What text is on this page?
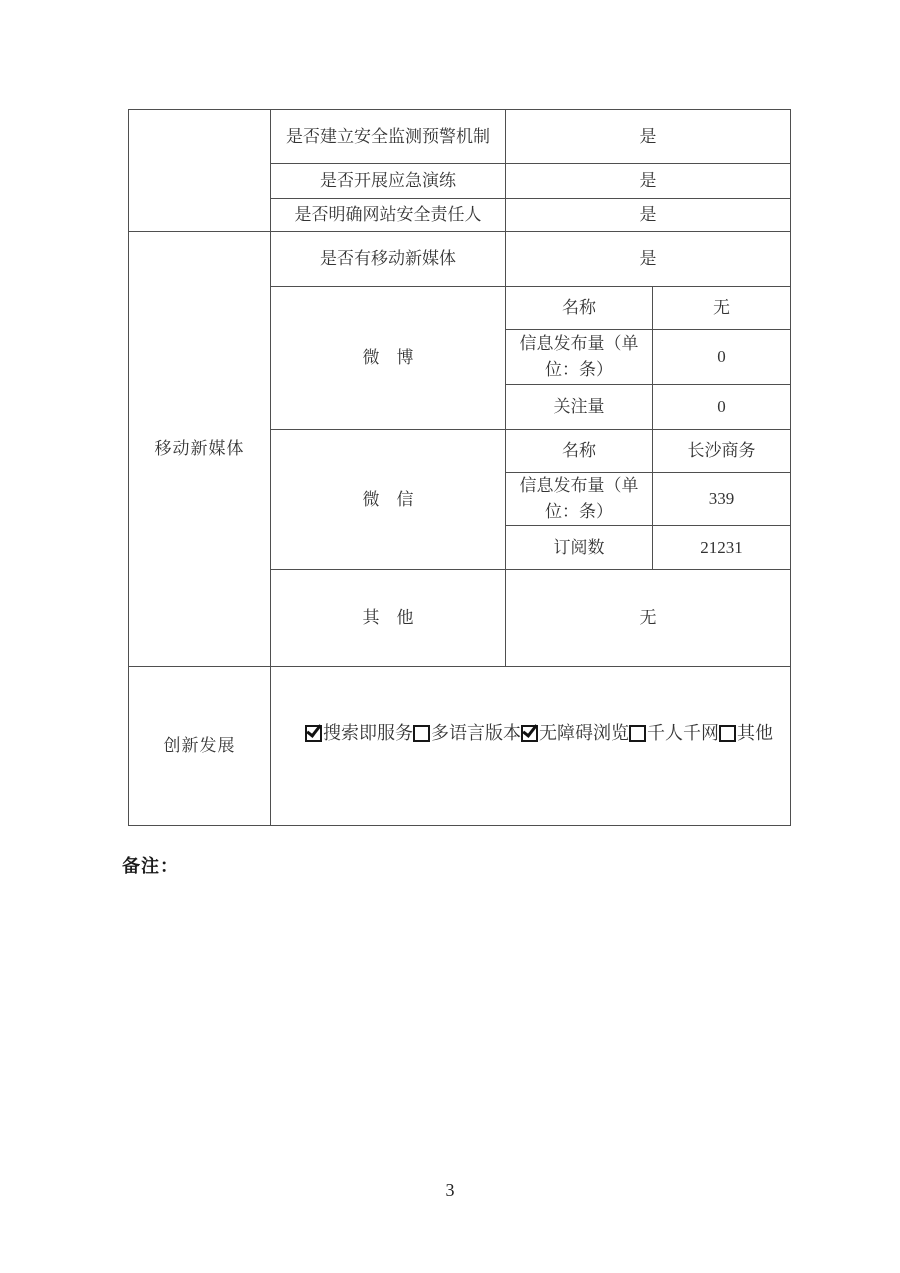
	是否建立安全监测预警机制	是	
	是否开展应急演练	是	
	是否明确网站安全责任人	是	
移动新媒体	是否有移动新媒体	是	
	微　博	名称	无
		信息发布量（单位：条）	0
		关注量	0
	微　信	名称	长沙商务
		信息发布量（单位：条）	339
		订阅数	21231
	其　他	无	
创新发展	搜索即服务 多语言版本 无障碍浏览 千人千网 其他		
备注：
3
